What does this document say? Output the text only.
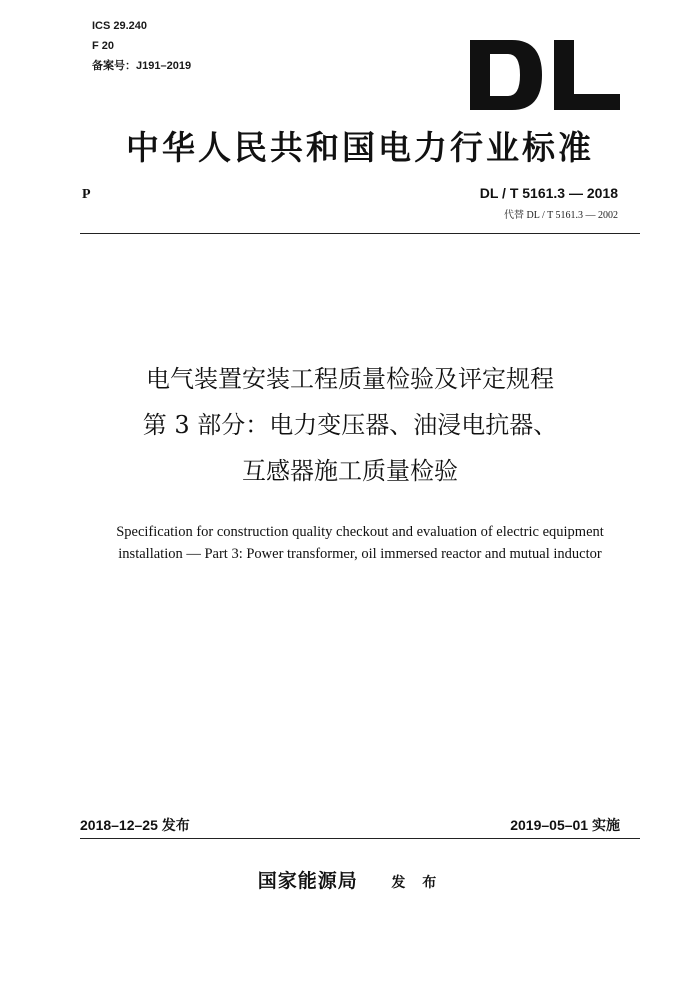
ICS 29.240
F 20
备案号：J191–2019
中华人民共和国电力行业标准
P	DL / T 5161.3 — 2018
代替 DL / T 5161.3 — 2002
电气装置安装工程质量检验及评定规程
第 3 部分：电力变压器、油浸电抗器、
互感器施工质量检验
Specification for construction quality checkout and evaluation of electric equipment
installation — Part 3: Power transformer, oil immersed reactor and mutual inductor
2018–12–25 发布	2019–05–01 实施
国家能源局 发 布
